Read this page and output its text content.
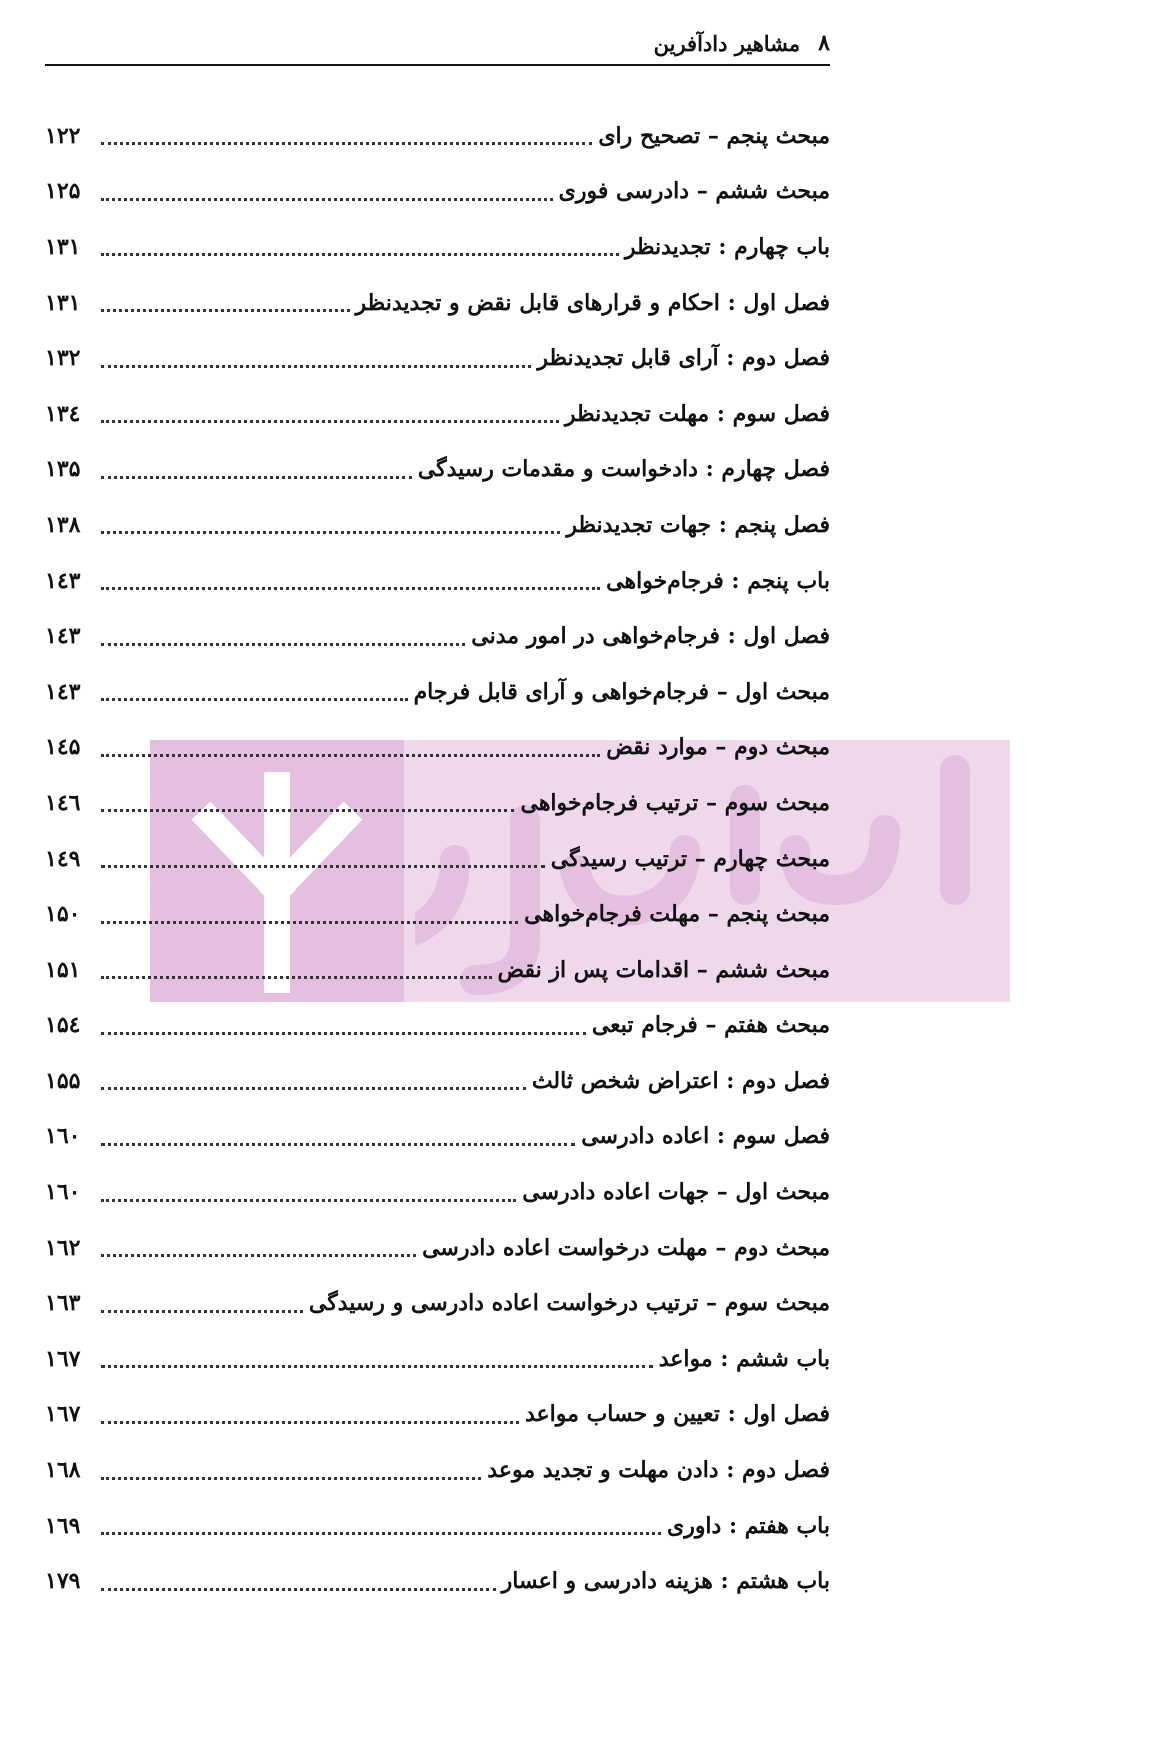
۸
مشاهیر دادآفرین
مبحث پنجم – تصحیح رای
۱۲۲
مبحث ششم – دادرسی فوری
۱۲۵
باب چهارم : تجدیدنظر
۱۳۱
فصل اول : احکام و قرارهای قابل نقض و تجدیدنظر
۱۳۱
فصل دوم : آرای قابل تجدیدنظر
۱۳۲
فصل سوم : مهلت تجدیدنظر
۱۳٤
فصل چهارم : دادخواست و مقدمات رسیدگی
۱۳۵
فصل پنجم : جهات تجدیدنظر
۱۳۸
باب پنجم : فرجام‌خواهی
۱٤۳
فصل اول : فرجام‌خواهی در امور مدنی
۱٤۳
مبحث اول – فرجام‌خواهی و آرای قابل فرجام
۱٤۳
مبحث دوم – موارد نقض
۱٤۵
مبحث سوم – ترتیب فرجام‌خواهی
۱٤٦
مبحث چهارم – ترتیب رسیدگی
۱٤۹
مبحث پنجم – مهلت فرجام‌خواهی
۱۵۰
مبحث ششم – اقدامات پس از نقض
۱۵۱
مبحث هفتم – فرجام تبعی
۱۵٤
فصل دوم : اعتراض شخص ثالث
۱۵۵
فصل سوم : اعاده دادرسی
۱٦۰
مبحث اول – جهات اعاده دادرسی
۱٦۰
مبحث دوم – مهلت درخواست اعاده دادرسی
۱٦۲
مبحث سوم – ترتیب درخواست اعاده دادرسی و رسیدگی
۱٦۳
باب ششم : مواعد
۱٦۷
فصل اول : تعیین و حساب مواعد
۱٦۷
فصل دوم : دادن مهلت و تجدید موعد
۱٦۸
باب هفتم : داوری
۱٦۹
باب هشتم : هزینه دادرسی و اعسار
۱۷۹
